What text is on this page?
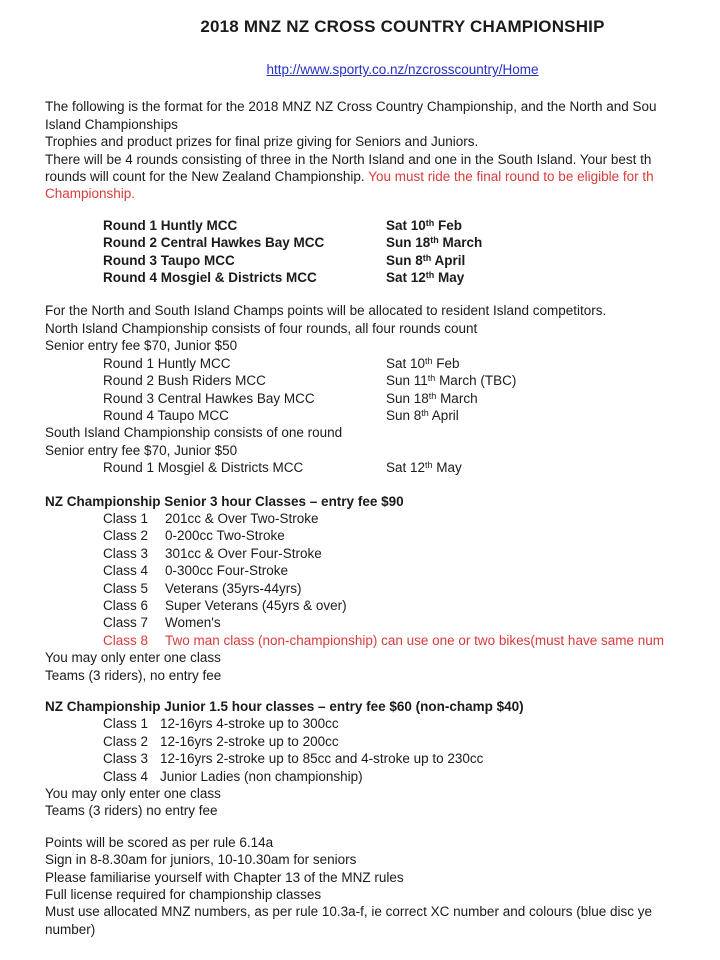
2018 MNZ NZ CROSS COUNTRY CHAMPIONSHIP
http://www.sporty.co.nz/nzcrosscountry/Home
The following is the format for the 2018 MNZ NZ Cross Country Championship, and the North and Sou
Island Championships
Trophies and product prizes for final prize giving for Seniors and Juniors.
There will be 4 rounds consisting of three in the North Island and one in the South Island. Your best th
rounds will count for the New Zealand Championship. You must ride the final round to be eligible for th
Championship.
Round 1 Huntly MCC	Sat 10th Feb
Round 2 Central Hawkes Bay MCC	Sun 18th March
Round 3 Taupo MCC	Sun 8th April
Round 4 Mosgiel & Districts MCC	Sat 12th May
For the North and South Island Champs points will be allocated to resident Island competitors.
North Island Championship consists of four rounds, all four rounds count
Senior entry fee $70, Junior $50
Round 1 Huntly MCC	Sat 10th Feb
Round 2 Bush Riders MCC	Sun 11th March (TBC)
Round 3 Central Hawkes Bay MCC	Sun 18th March
Round 4 Taupo MCC	Sun 8th April
South Island Championship consists of one round
Senior entry fee $70, Junior $50
Round 1 Mosgiel & Districts MCC	Sat 12th May
NZ Championship Senior 3 hour Classes – entry fee $90
Class 1	201cc & Over Two-Stroke
Class 2	0-200cc Two-Stroke
Class 3	301cc & Over Four-Stroke
Class 4	0-300cc Four-Stroke
Class 5	Veterans (35yrs-44yrs)
Class 6	Super Veterans (45yrs & over)
Class 7	Women's
Class 8	Two man class (non-championship) can use one or two bikes(must have same num
You may only enter one class
Teams (3 riders), no entry fee
NZ Championship Junior 1.5 hour classes – entry fee $60 (non-champ $40)
Class 1 12-16yrs 4-stroke up to 300cc
Class 2 12-16yrs 2-stroke up to 200cc
Class 3 12-16yrs 2-stroke up to 85cc and 4-stroke up to 230cc
Class 4 Junior Ladies (non championship)
You may only enter one class
Teams (3 riders) no entry fee
Points will be scored as per rule 6.14a
Sign in 8-8.30am for juniors, 10-10.30am for seniors
Please familiarise yourself with Chapter 13 of the MNZ rules
Full license required for championship classes
Must use allocated MNZ numbers, as per rule 10.3a-f, ie correct XC number and colours (blue disc ye
number)
